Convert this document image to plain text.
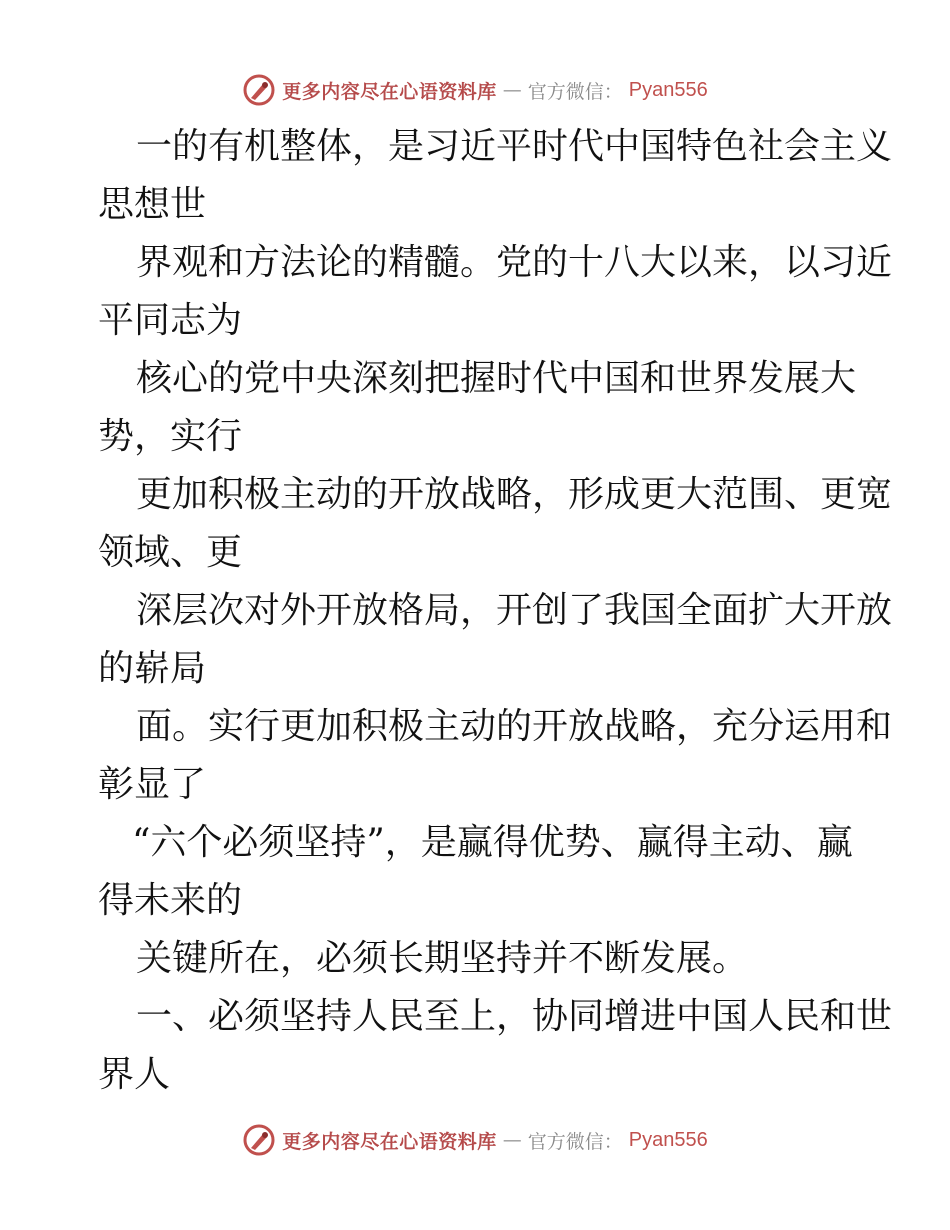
更多内容尽在心语资料库 — 官方微信： Pyan556

一的有机整体，是习近平时代中国特色社会主义
思想世

界观和方法论的精髓。党的十八大以来，以习近
平同志为

核心的党中央深刻把握时代中国和世界发展大
势，实行

更加积极主动的开放战略，形成更大范围、更宽
领域、更

深层次对外开放格局，开创了我国全面扩大开放
的崭局

面。实行更加积极主动的开放战略，充分运用和
彰显了

“六个必须坚持”，是赢得优势、赢得主动、赢
得未来的

关键所在，必须长期坚持并不断发展。

一、必须坚持人民至上，协同增进中国人民和世
界人

更多内容尽在心语资料库 — 官方微信： Pyan556
